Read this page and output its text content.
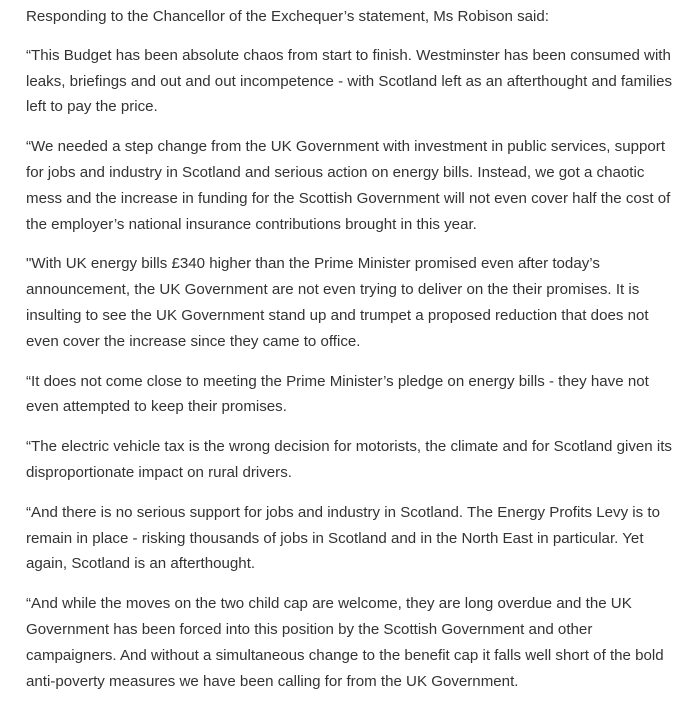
Responding to the Chancellor of the Exchequer’s statement, Ms Robison said:

“This Budget has been absolute chaos from start to finish. Westminster has been consumed with leaks, briefings and out and out incompetence - with Scotland left as an afterthought and families left to pay the price.

“We needed a step change from the UK Government with investment in public services, support for jobs and industry in Scotland and serious action on energy bills. Instead, we got a chaotic mess and the increase in funding for the Scottish Government will not even cover half the cost of the employer’s national insurance contributions brought in this year.

"With UK energy bills £340 higher than the Prime Minister promised even after today’s announcement, the UK Government are not even trying to deliver on the their promises. It is insulting to see the UK Government stand up and trumpet a proposed reduction that does not even cover the increase since they came to office.

“It does not come close to meeting the Prime Minister’s pledge on energy bills - they have not even attempted to keep their promises.

“The electric vehicle tax is the wrong decision for motorists, the climate and for Scotland given its disproportionate impact on rural drivers.

“And there is no serious support for jobs and industry in Scotland. The Energy Profits Levy is to remain in place - risking thousands of jobs in Scotland and in the North East in particular. Yet again, Scotland is an afterthought.

“And while the moves on the two child cap are welcome, they are long overdue and the UK Government has been forced into this position by the Scottish Government and other campaigners. And without a simultaneous change to the benefit cap it falls well short of the bold anti-poverty measures we have been calling for from the UK Government.
